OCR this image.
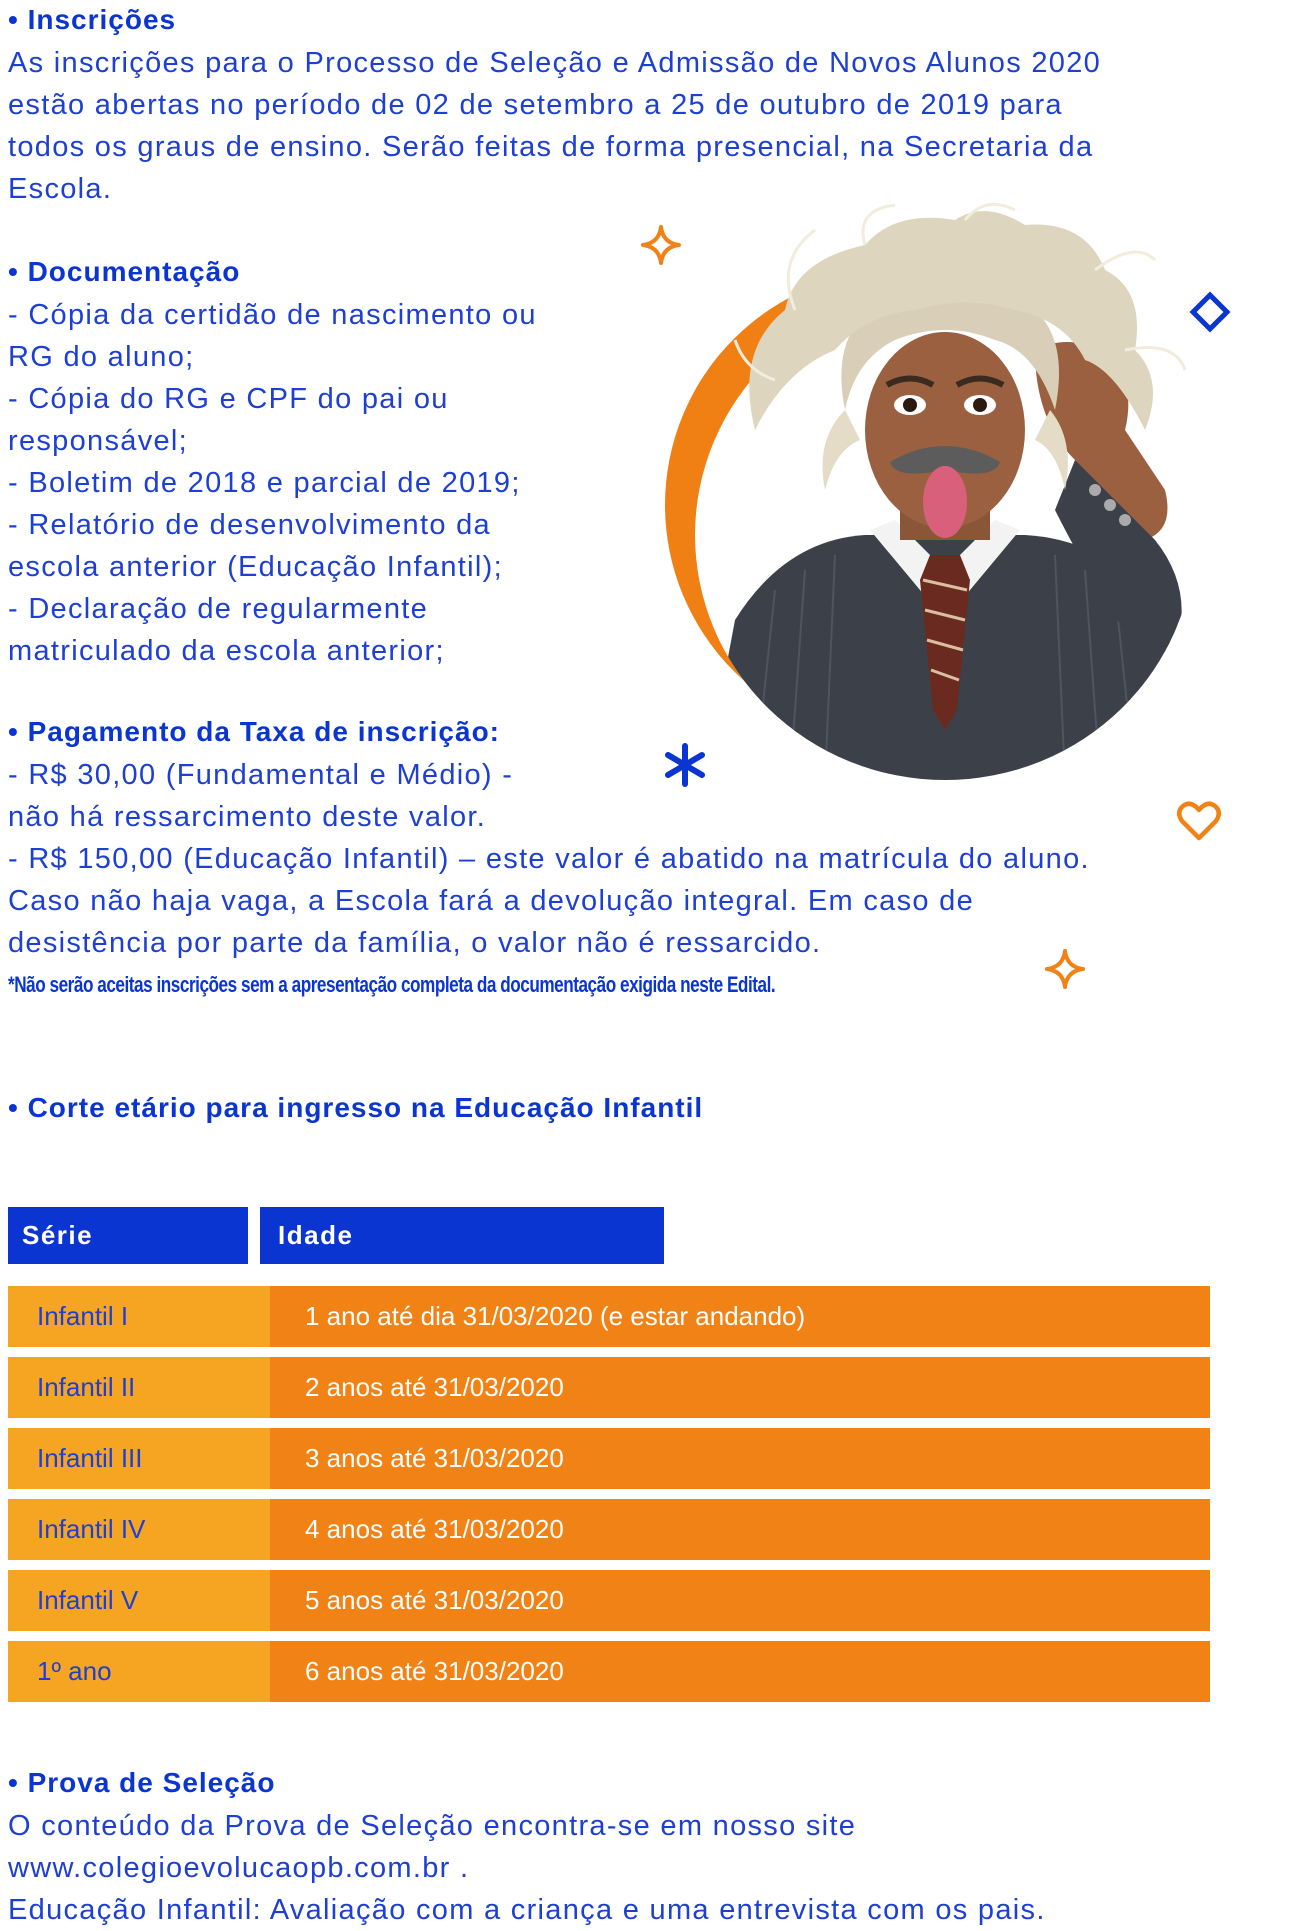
• Inscrições
As inscrições para o Processo de Seleção e Admissão de Novos Alunos 2020
estão abertas no período de 02 de setembro a 25 de outubro de 2019 para
todos os graus de ensino. Serão feitas de forma presencial, na Secretaria da
Escola.
• Documentação
- Cópia da certidão de nascimento ou
RG do aluno;
- Cópia do RG e CPF do pai ou
responsável;
- Boletim de 2018 e parcial de 2019;
- Relatório de desenvolvimento da
escola anterior (Educação Infantil);
- Declaração de regularmente
matriculado da escola anterior;
• Pagamento da Taxa de inscrição:
- R$ 30,00 (Fundamental e Médio) -
não há ressarcimento deste valor.
- R$ 150,00 (Educação Infantil) – este valor é abatido na matrícula do aluno.
Caso não haja vaga, a Escola fará a devolução integral. Em caso de
desistência por parte da família, o valor não é ressarcido.
*Não serão aceitas inscrições sem a apresentação completa da documentação exigida neste Edital.
• Corte etário para ingresso na Educação Infantil
Série	Idade
Infantil I	1 ano até dia 31/03/2020 (e estar andando)
Infantil II	2 anos até 31/03/2020
Infantil III	3 anos até 31/03/2020
Infantil IV	4 anos até 31/03/2020
Infantil V	5 anos até 31/03/2020
1º ano	6 anos até 31/03/2020
• Prova de Seleção
O conteúdo da Prova de Seleção encontra-se em nosso site
www.colegioevolucaopb.com.br .
Educação Infantil: Avaliação com a criança e uma entrevista com os pais.
